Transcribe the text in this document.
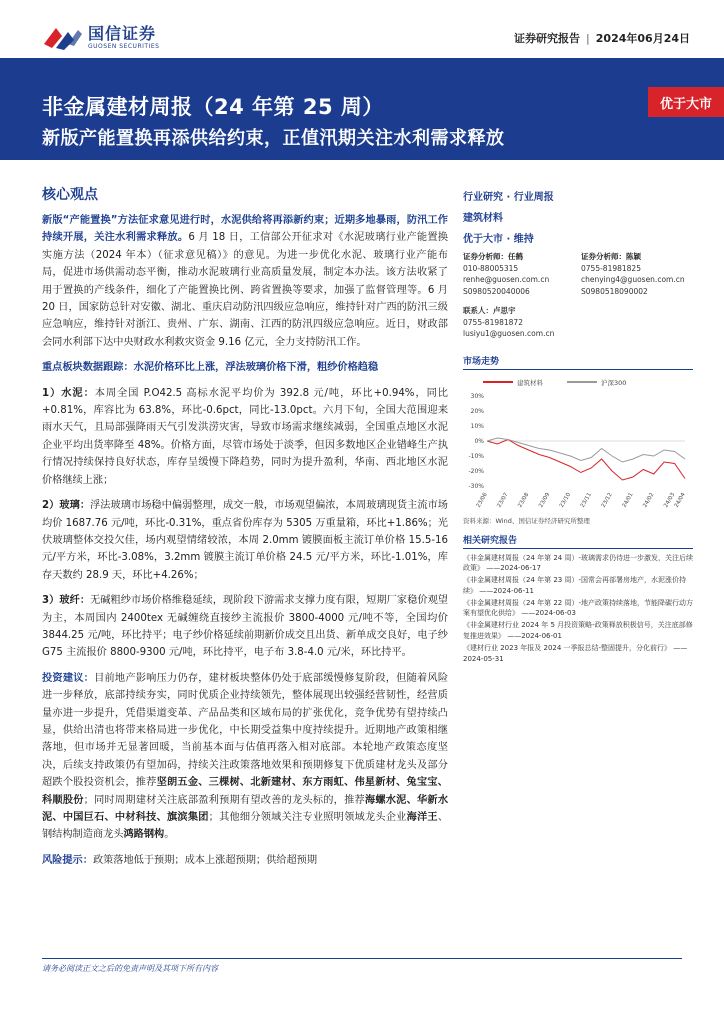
国信证券
GUOSEN SECURITIES
证券研究报告 | 2024年06月24日
非金属建材周报（24 年第 25 周）
新版产能置换再添供给约束，正值汛期关注水利需求释放
优于大市
核心观点

新版“产能置换”方法征求意见进行时，水泥供给将再添新约束；近期多地暴雨，防汛工作持续开展，关注水利需求释放。6 月 18 日，工信部公开征求对《水泥玻璃行业产能置换实施方法（2024 年本）（征求意见稿）》的意见。为进一步优化水泥、玻璃行业产能布局，促进市场供需动态平衡，推动水泥玻璃行业高质量发展，制定本办法。该方法收紧了用于置换的产线条件，细化了产能置换比例、跨省置换等要求，加强了监督管理等。6 月 20 日，国家防总针对安徽、湖北、重庆启动防汛四级应急响应，维持针对广西的防汛三级应急响应，维持针对浙江、贵州、广东、湖南、江西的防汛四级应急响应。近日，财政部会同水利部下达中央财政水利救灾资金 9.16 亿元，全力支持防汛工作。

重点板块数据跟踪：水泥价格环比上涨，浮法玻璃价格下滑，粗纱价格趋稳

1）水泥：本周全国 P.O42.5 高标水泥平均价为 392.8 元/吨，环比+0.94%，同比+0.81%，库容比为 63.8%，环比-0.6pct，同比-13.0pct。六月下旬，全国大范围迎来雨水天气，且局部强降雨天气引发洪涝灾害，导致市场需求继续减弱，全国重点地区水泥企业平均出货率降至 48%。价格方面，尽管市场处于淡季，但因多数地区企业错峰生产执行情况持续保持良好状态，库存呈缓慢下降趋势，同时为提升盈利，华南、西北地区水泥价格继续上涨；

2）玻璃：浮法玻璃市场稳中偏弱整理，成交一般，市场观望偏浓，本周玻璃现货主流市场均价 1687.76 元/吨，环比-0.31%，重点省份库存为 5305 万重量箱，环比+1.86%；光伏玻璃整体交投欠佳，场内观望情绪较浓，本周 2.0mm 镀膜面板主流订单价格 15.5-16 元/平方米，环比-3.08%，3.2mm 镀膜主流订单价格 24.5 元/平方米，环比-1.01%，库存天数约 28.9 天，环比+4.26%；

3）玻纤：无碱粗纱市场价格维稳延续，现阶段下游需求支撑力度有限，短期厂家稳价观望为主，本周国内 2400tex 无碱缠绕直接纱主流报价 3800-4000 元/吨不等，全国均价 3844.25 元/吨，环比持平；电子纱价格延续前期新价成交且出货、新单成交良好，电子纱 G75 主流报价 8800-9300 元/吨，环比持平，电子布 3.8-4.0 元/米，环比持平。

投资建议：目前地产影响压力仍存，建材板块整体仍处于底部缓慢修复阶段，但随着风险进一步释放，底部持续夯实，同时优质企业持续领先，整体展现出较强经营韧性，经营质量亦进一步提升，凭借渠道变革、产品品类和区域布局的扩张优化，竞争优势有望持续凸显，供给出清也将带来格局进一步优化，中长期受益集中度持续提升。近期地产政策相继落地，但市场并无显著回暖，当前基本面与估值再落入相对底部。本轮地产政策态度坚决，后续支持政策仍有望加码，持续关注政策落地效果和预期修复下优质建材龙头及部分超跌个股投资机会，推荐坚朗五金、三棵树、北新建材、东方雨虹、伟星新材、兔宝宝、科顺股份；同时周期建材关注底部盈利预期有望改善的龙头标的，推荐海螺水泥、华新水泥、中国巨石、中材科技、旗滨集团；其他细分领域关注专业照明领域龙头企业海洋王、钢结构制造商龙头鸿路钢构。

风险提示：政策落地低于预期；成本上涨超预期；供给超预期

行业研究 · 行业周报
建筑材料
优于大市 · 维持
证券分析师：任鹤
010-88005315
renhe@guosen.com.cn
S0980520040006
证券分析师：陈颖
0755-81981825
chenying4@guosen.com.cn
S0980518090002
联系人：卢思宇
0755-81981872
lusiyu1@guosen.com.cn
市场走势
建筑材料	沪深300
30%
20%
10%
0%
-10%
-20%
-30%
23/06 23/07 23/08 23/09 23/10 23/11 23/12 24/01 24/02 24/03
24/04
资料来源：Wind、国信证券经济研究所整理
相关研究报告
《非金属建材周报（24 年第 24 周）-玻璃需求仍待进一步激发，关注后续政策》 ——2024-06-17
《非金属建材周报（24 年第 23 周）-国常会再部署房地产，水泥涨价持续》 ——2024-06-11
《非金属建材周报（24 年第 22 周）-地产政策持续落地，节能降碳行动方案有望优化供给》 ——2024-06-03
《非金属建材行业 2024 年 5 月投资策略-政策释放积极信号，关注底部修复推进效果》 ——2024-06-01
《建材行业 2023 年报及 2024 一季报总结-整固提升，分化前行》 ——2024-05-31
请务必阅读正文之后的免责声明及其项下所有内容
